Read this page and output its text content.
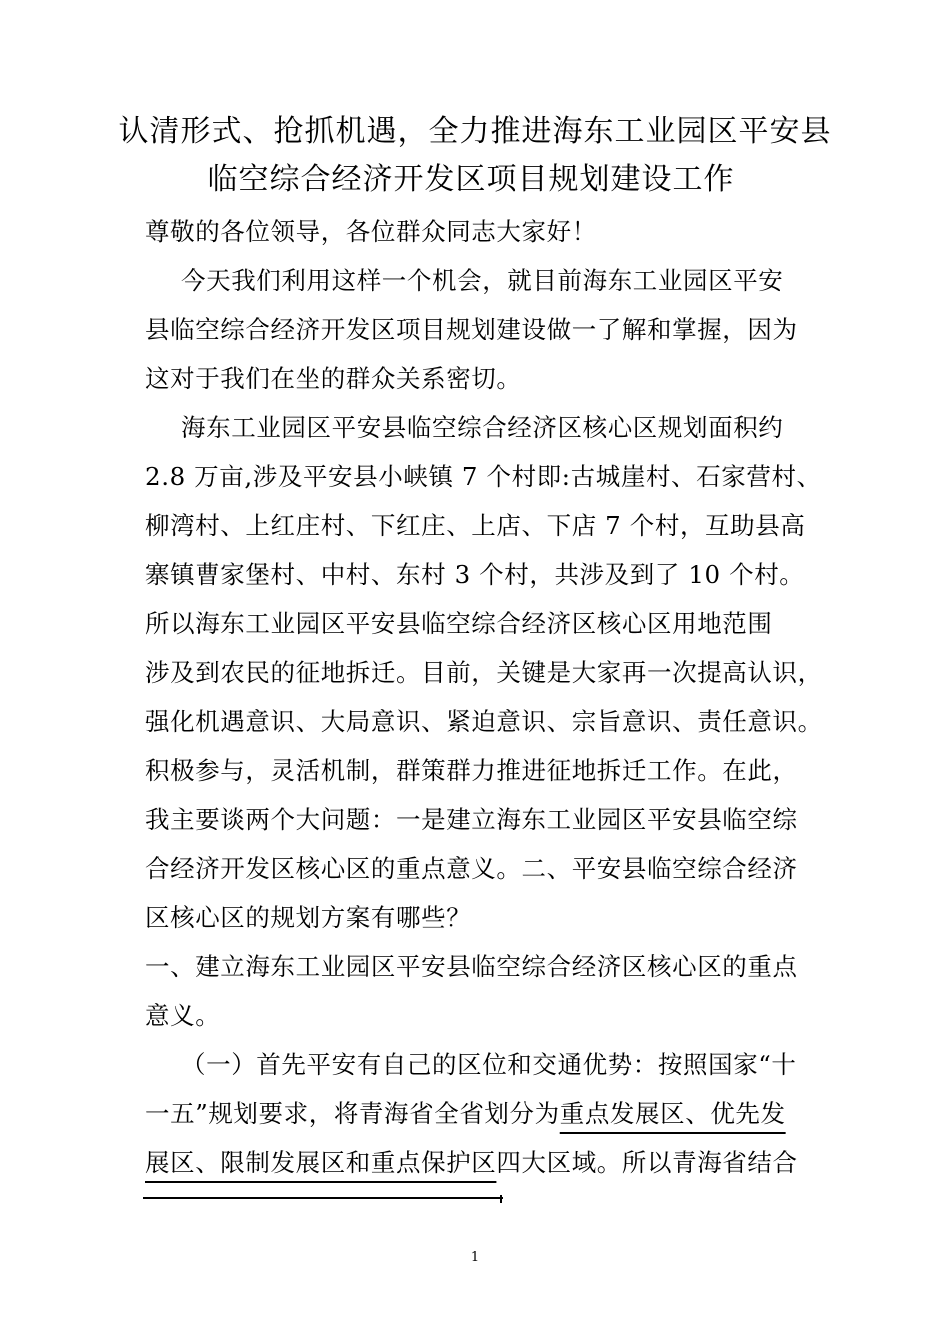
认清形式、抢抓机遇，全力推进海东工业园区平安县
临空综合经济开发区项目规划建设工作
尊敬的各位领导，各位群众同志大家好！
今天我们利用这样一个机会，就目前海东工业园区平安
县临空综合经济开发区项目规划建设做一了解和掌握，因为
这对于我们在坐的群众关系密切。
海东工业园区平安县临空综合经济区核心区规划面积约
2.8 万亩,涉及平安县小峡镇 7 个村即:古城崖村、石家营村、
柳湾村、上红庄村、下红庄、上店、下店 7 个村，互助县高
寨镇曹家堡村、中村、东村 3 个村，共涉及到了 10 个村。
所以海东工业园区平安县临空综合经济区核心区用地范围
涉及到农民的征地拆迁。目前，关键是大家再一次提高认识，
强化机遇意识、大局意识、紧迫意识、宗旨意识、责任意识。
积极参与，灵活机制，群策群力推进征地拆迁工作。在此，
我主要谈两个大问题：一是建立海东工业园区平安县临空综
合经济开发区核心区的重点意义。二、平安县临空综合经济
区核心区的规划方案有哪些？
一、建立海东工业园区平安县临空综合经济区核心区的重点
意义。
（一）首先平安有自己的区位和交通优势：按照国家“十
一五”规划要求，将青海省全省划分为重点发展区、优先发
展区、限制发展区和重点保护区四大区域。所以青海省结合
1
